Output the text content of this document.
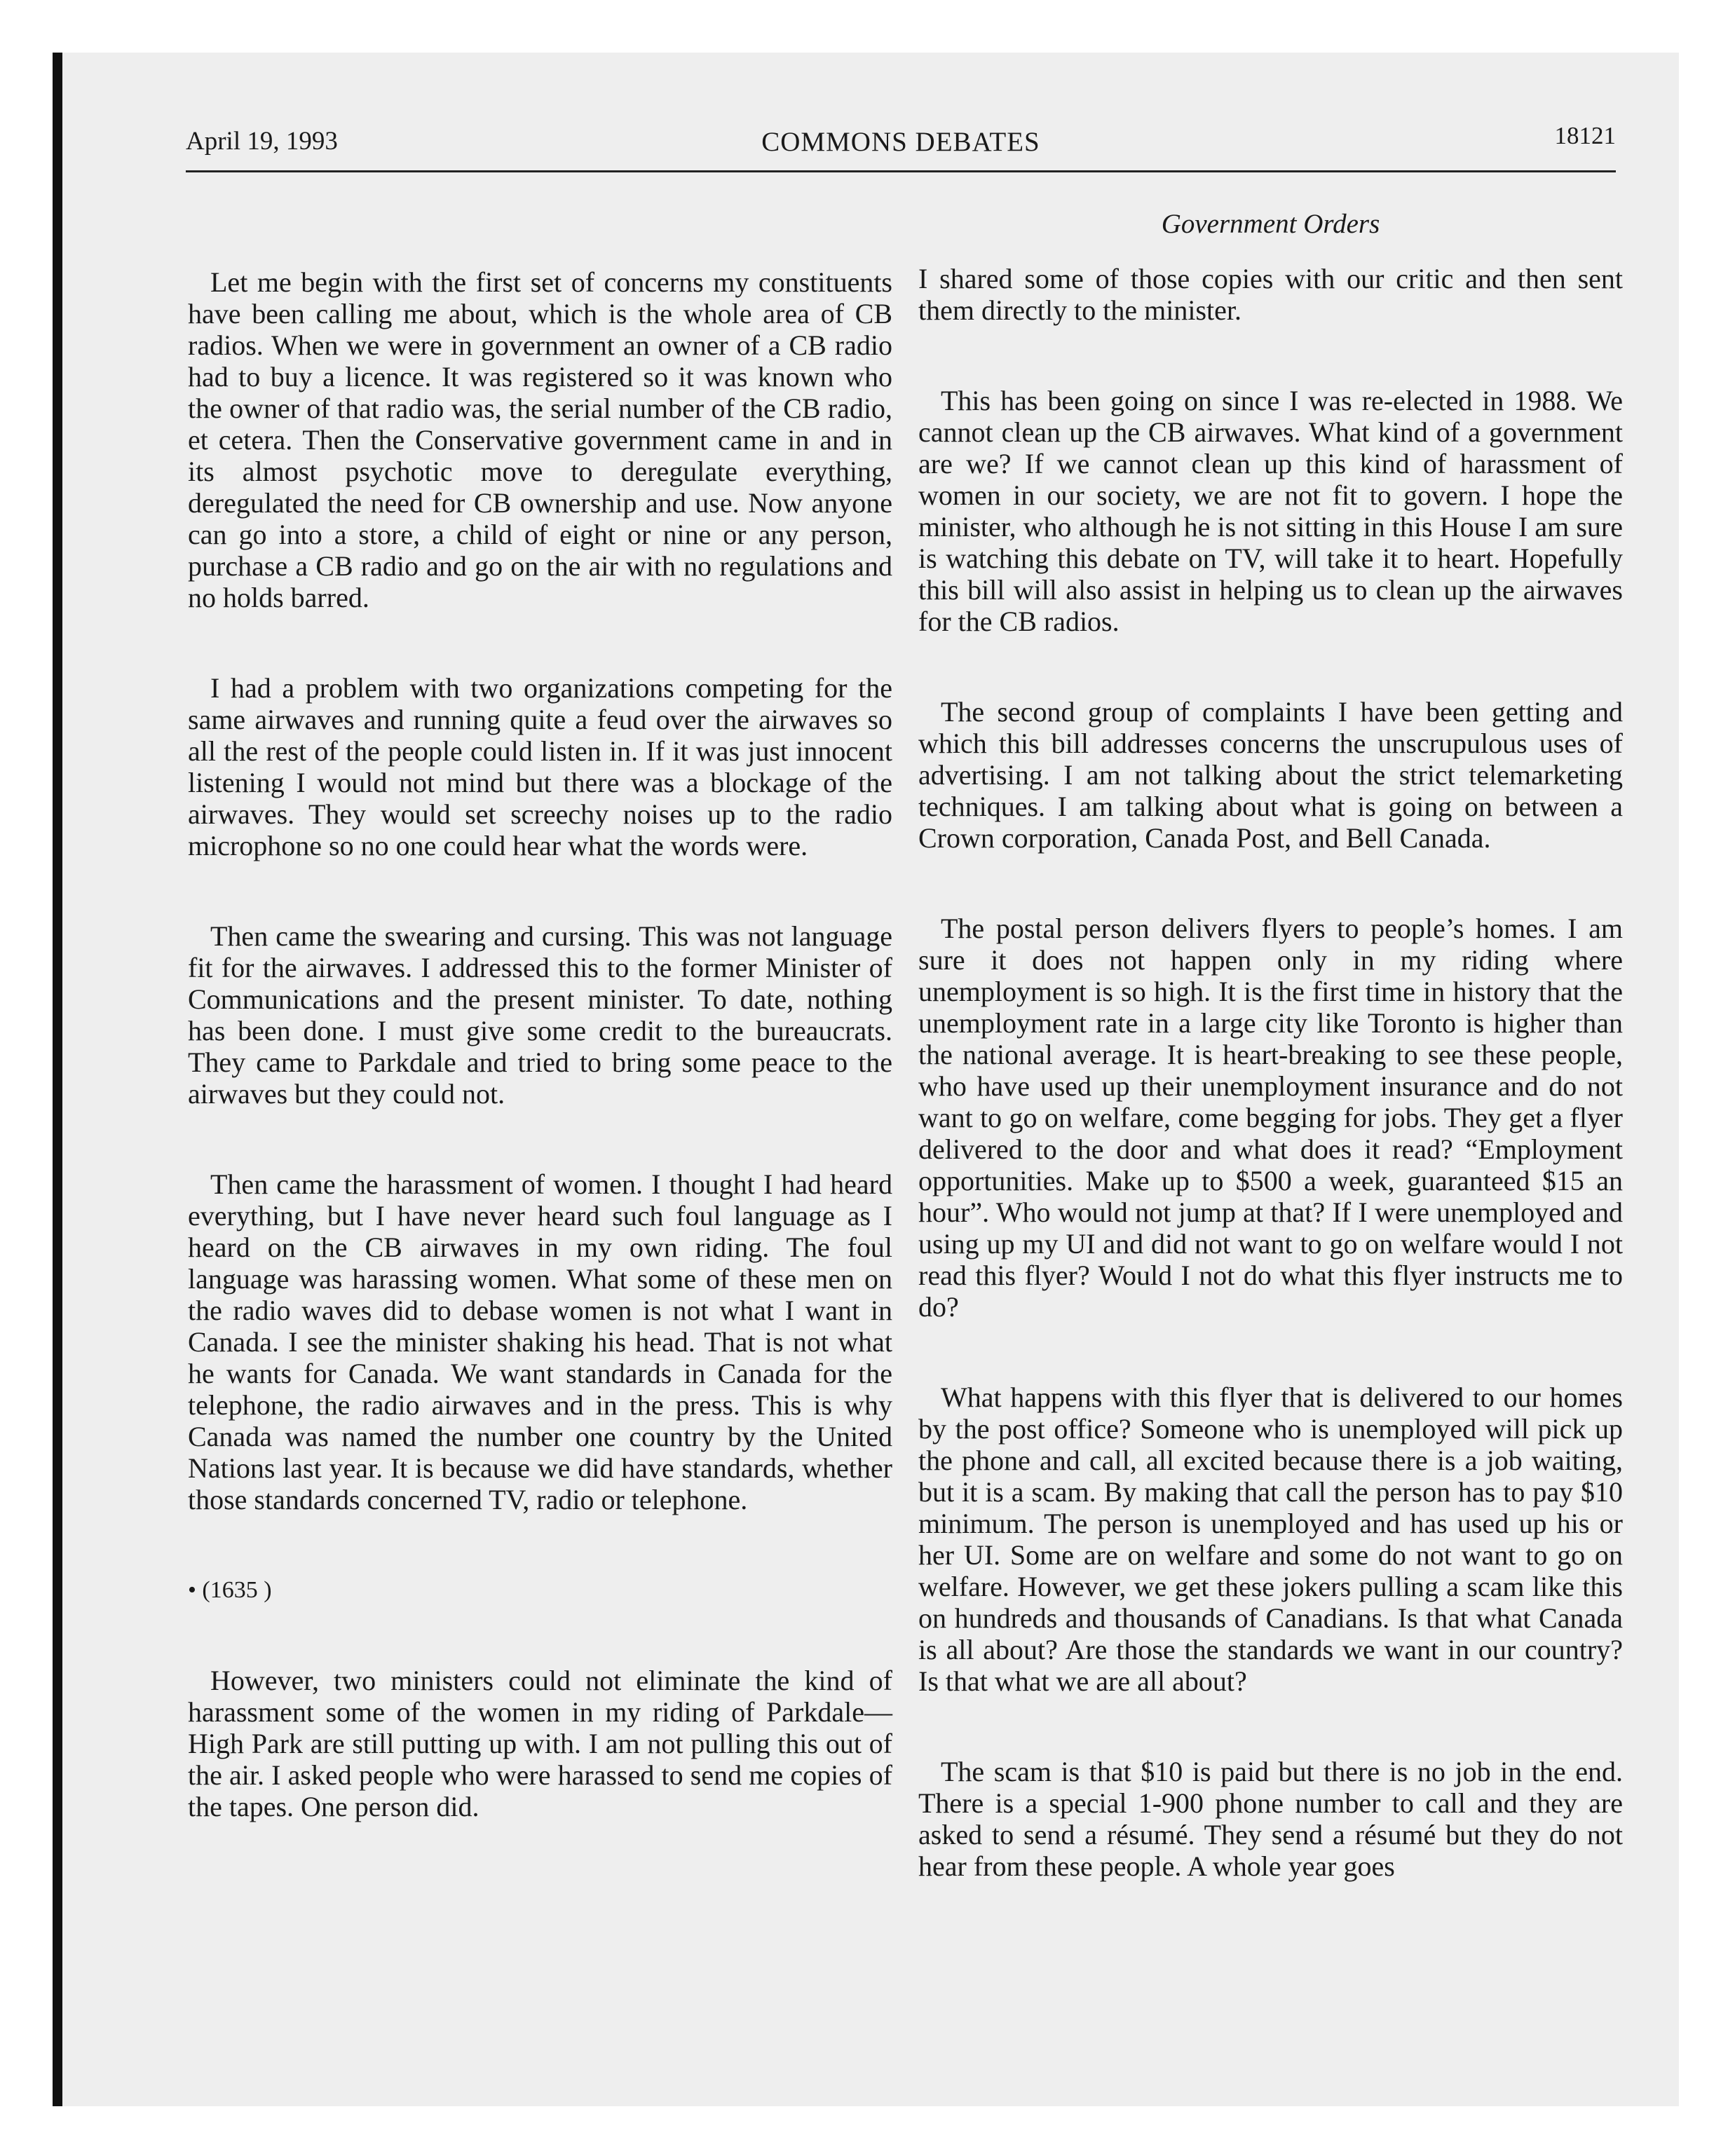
April 19, 1993	COMMONS DEBATES	18121
Government Orders

Let me begin with the first set of concerns my constituents have been calling me about, which is the whole area of CB radios. When we were in government an owner of a CB radio had to buy a licence. It was registered so it was known who the owner of that radio was, the serial number of the CB radio, et cetera. Then the Conservative government came in and in its almost psychotic move to deregulate everything, deregulated the need for CB ownership and use. Now anyone can go into a store, a child of eight or nine or any person, purchase a CB radio and go on the air with no regulations and no holds barred.

I had a problem with two organizations competing for the same airwaves and running quite a feud over the airwaves so all the rest of the people could listen in. If it was just innocent listening I would not mind but there was a blockage of the airwaves. They would set screechy noises up to the radio microphone so no one could hear what the words were.

Then came the swearing and cursing. This was not language fit for the airwaves. I addressed this to the former Minister of Communications and the present minister. To date, nothing has been done. I must give some credit to the bureaucrats. They came to Parkdale and tried to bring some peace to the airwaves but they could not.

Then came the harassment of women. I thought I had heard everything, but I have never heard such foul language as I heard on the CB airwaves in my own riding. The foul language was harassing women. What some of these men on the radio waves did to debase women is not what I want in Canada. I see the minister shaking his head. That is not what he wants for Canada. We want standards in Canada for the telephone, the radio airwaves and in the press. This is why Canada was named the number one country by the United Nations last year. It is because we did have standards, whether those standards concerned TV, radio or telephone.

• (1635 )

However, two ministers could not eliminate the kind of harassment some of the women in my riding of Parkdale—High Park are still putting up with. I am not pulling this out of the air. I asked people who were harassed to send me copies of the tapes. One person did.

I shared some of those copies with our critic and then sent them directly to the minister.

This has been going on since I was re-elected in 1988. We cannot clean up the CB airwaves. What kind of a government are we? If we cannot clean up this kind of harassment of women in our society, we are not fit to govern. I hope the minister, who although he is not sitting in this House I am sure is watching this debate on TV, will take it to heart. Hopefully this bill will also assist in helping us to clean up the airwaves for the CB radios.

The second group of complaints I have been getting and which this bill addresses concerns the unscrupulous uses of advertising. I am not talking about the strict telemarketing techniques. I am talking about what is going on between a Crown corporation, Canada Post, and Bell Canada.

The postal person delivers flyers to people’s homes. I am sure it does not happen only in my riding where unemployment is so high. It is the first time in history that the unemployment rate in a large city like Toronto is higher than the national average. It is heart-breaking to see these people, who have used up their unemployment insurance and do not want to go on welfare, come begging for jobs. They get a flyer delivered to the door and what does it read? “Employment opportunities. Make up to $500 a week, guaranteed $15 an hour”. Who would not jump at that? If I were unemployed and using up my UI and did not want to go on welfare would I not read this flyer? Would I not do what this flyer instructs me to do?

What happens with this flyer that is delivered to our homes by the post office? Someone who is unemployed will pick up the phone and call, all excited because there is a job waiting, but it is a scam. By making that call the person has to pay $10 minimum. The person is unemployed and has used up his or her UI. Some are on welfare and some do not want to go on welfare. However, we get these jokers pulling a scam like this on hundreds and thousands of Canadians. Is that what Canada is all about? Are those the standards we want in our country? Is that what we are all about?

The scam is that $10 is paid but there is no job in the end. There is a special 1-900 phone number to call and they are asked to send a résumé. They send a résumé but they do not hear from these people. A whole year goes
